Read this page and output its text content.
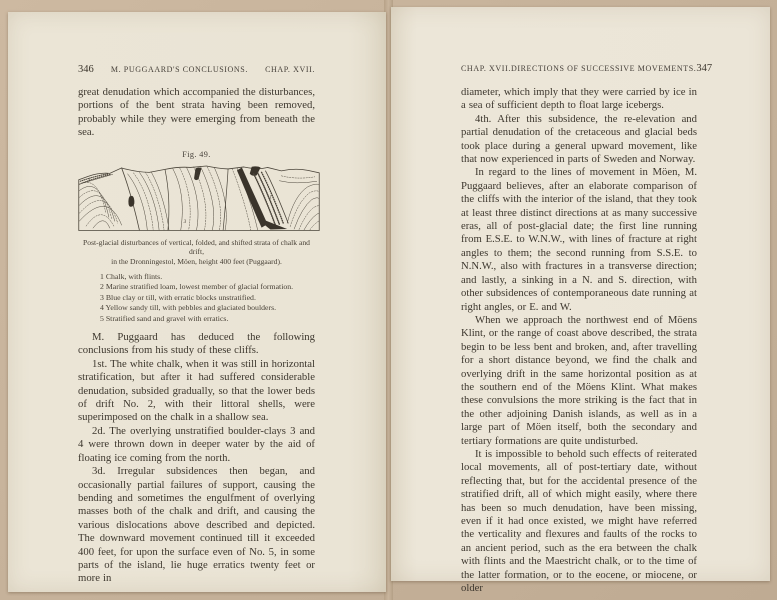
346	M. PUGGAARD'S CONCLUSIONS.	CHAP. XVII.

great denudation which accompanied the disturbances, portions of the bent strata having been removed, probably while they were emerging from beneath the sea.

Fig. 49.
5
3
1
Post-glacial disturbances of vertical, folded, and shifted strata of chalk and drift,
in the Dronningestol, Möen, height 400 feet (Puggaard).
1 Chalk, with flints.
2 Marine stratified loam, lowest member of glacial formation.
3 Blue clay or till, with erratic blocks unstratified.
4 Yellow sandy till, with pebbles and glaciated boulders.
5 Stratified sand and gravel with erratics.

M. Puggaard has deduced the following conclusions from his study of these cliffs.

1st. The white chalk, when it was still in horizontal stratification, but after it had suffered considerable denudation, subsided gradually, so that the lower beds of drift No. 2, with their littoral shells, were superimposed on the chalk in a shallow sea.

2d. The overlying unstratified boulder-clays 3 and 4 were thrown down in deeper water by the aid of floating ice coming from the north.

3d. Irregular subsidences then began, and occasionally partial failures of support, causing the bending and sometimes the engulfment of overlying masses both of the chalk and drift, and causing the various dislocations above described and depicted. The downward movement continued till it exceeded 400 feet, for upon the surface even of No. 5, in some parts of the island, lie huge erratics twenty feet or more in

CHAP. XVII. DIRECTIONS OF SUCCESSIVE MOVEMENTS. 347

diameter, which imply that they were carried by ice in a sea of sufficient depth to float large icebergs.

4th. After this subsidence, the re-elevation and partial denudation of the cretaceous and glacial beds took place during a general upward movement, like that now experienced in parts of Sweden and Norway.

In regard to the lines of movement in Möen, M. Puggaard believes, after an elaborate comparison of the cliffs with the interior of the island, that they took at least three distinct directions at as many successive eras, all of post-glacial date; the first line running from E.S.E. to W.N.W., with lines of fracture at right angles to them; the second running from S.S.E. to N.N.W., also with fractures in a transverse direction; and lastly, a sinking in a N. and S. direction, with other subsidences of contemporaneous date running at right angles, or E. and W.

When we approach the northwest end of Möens Klint, or the range of coast above described, the strata begin to be less bent and broken, and, after travelling for a short distance beyond, we find the chalk and overlying drift in the same horizontal position as at the southern end of the Möens Klint. What makes these convulsions the more striking is the fact that in the other adjoining Danish islands, as well as in a large part of Möen itself, both the secondary and tertiary formations are quite undisturbed.

It is impossible to behold such effects of reiterated local movements, all of post-tertiary date, without reflecting that, but for the accidental presence of the stratified drift, all of which might easily, where there has been so much denudation, have been missing, even if it had once existed, we might have referred the verticality and flexures and faults of the rocks to an ancient period, such as the era between the chalk with flints and the Maestricht chalk, or to the time of the latter formation, or to the eocene, or miocene, or older
